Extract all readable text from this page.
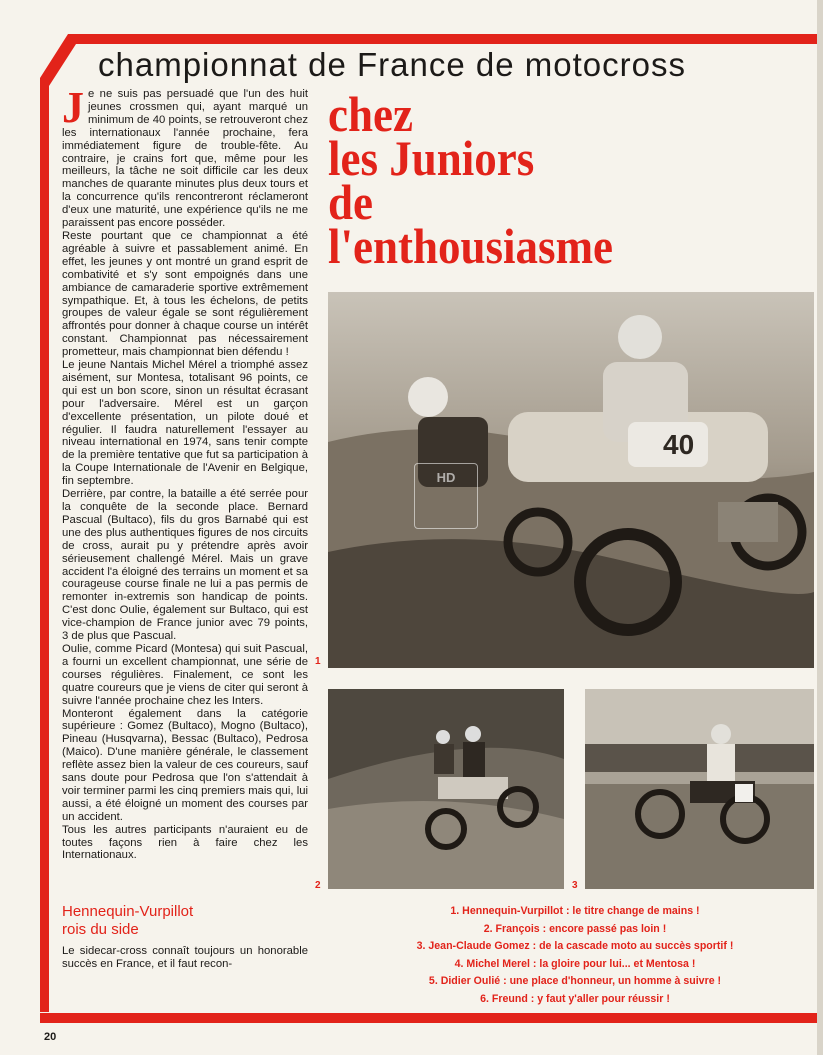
championnat de France de motocross

Je ne suis pas persuadé que l'un des huit jeunes crossmen qui, ayant marqué un minimum de 40 points, se retrouveront chez les internationaux l'année prochaine, fera immédiatement figure de trouble-fête. Au contraire, je crains fort que, même pour les meilleurs, la tâche ne soit difficile car les deux manches de quarante minutes plus deux tours et la concurrence qu'ils rencontreront réclameront d'eux une maturité, une expérience qu'ils ne me paraissent pas encore posséder.

Reste pourtant que ce championnat a été agréable à suivre et passablement animé. En effet, les jeunes y ont montré un grand esprit de combativité et s'y sont empoignés dans une ambiance de camaraderie sportive extrêmement sympathique. Et, à tous les échelons, de petits groupes de valeur égale se sont régulièrement affrontés pour donner à chaque course un intérêt constant. Championnat pas nécessairement prometteur, mais championnat bien défendu !

Le jeune Nantais Michel Mérel a triomphé assez aisément, sur Montesa, totalisant 96 points, ce qui est un bon score, sinon un résultat écrasant pour l'adversaire. Mérel est un garçon d'excellente présentation, un pilote doué et régulier. Il faudra naturellement l'essayer au niveau international en 1974, sans tenir compte de la première tentative que fut sa participation à la Coupe Internationale de l'Avenir en Belgique, fin septembre.

Derrière, par contre, la bataille a été serrée pour la conquête de la seconde place. Bernard Pascual (Bultaco), fils du gros Barnabé qui est une des plus authentiques figures de nos circuits de cross, aurait pu y prétendre après avoir sérieusement challengé Mérel. Mais un grave accident l'a éloigné des terrains un moment et sa courageuse course finale ne lui a pas permis de remonter in-extremis son handicap de points. C'est donc Oulie, également sur Bultaco, qui est vice-champion de France junior avec 79 points, 3 de plus que Pascual.

Oulie, comme Picard (Montesa) qui suit Pascual, a fourni un excellent championnat, une série de courses régulières. Finalement, ce sont les quatre coureurs que je viens de citer qui seront à suivre l'année prochaine chez les Inters.

Monteront également dans la catégorie supérieure : Gomez (Bultaco), Mogno (Bultaco), Pineau (Husqvarna), Bessac (Bultaco), Pedrosa (Maico). D'une manière générale, le classement reflète assez bien la valeur de ces coureurs, sauf sans doute pour Pedrosa que l'on s'attendait à voir terminer parmi les cinq premiers mais qui, lui aussi, a été éloigné un moment des courses par un accident.

Tous les autres participants n'auraient eu de toutes façons rien à faire chez les Internationaux.

Hennequin-Vurpillot
rois du side

Le sidecar-cross connaît toujours un honorable succès en France, et il faut recon-

chez
les Juniors
de
l'enthousiasme
40
HD
1
2	3
1. Hennequin-Vurpillot : le titre change de mains !
2. François : encore passé pas loin !
3. Jean-Claude Gomez : de la cascade moto au succès sportif !
4. Michel Merel : la gloire pour lui... et Mentosa !
5. Didier Oulié : une place d'honneur, un homme à suivre !
6. Freund : y faut y'aller pour réussir !
20
